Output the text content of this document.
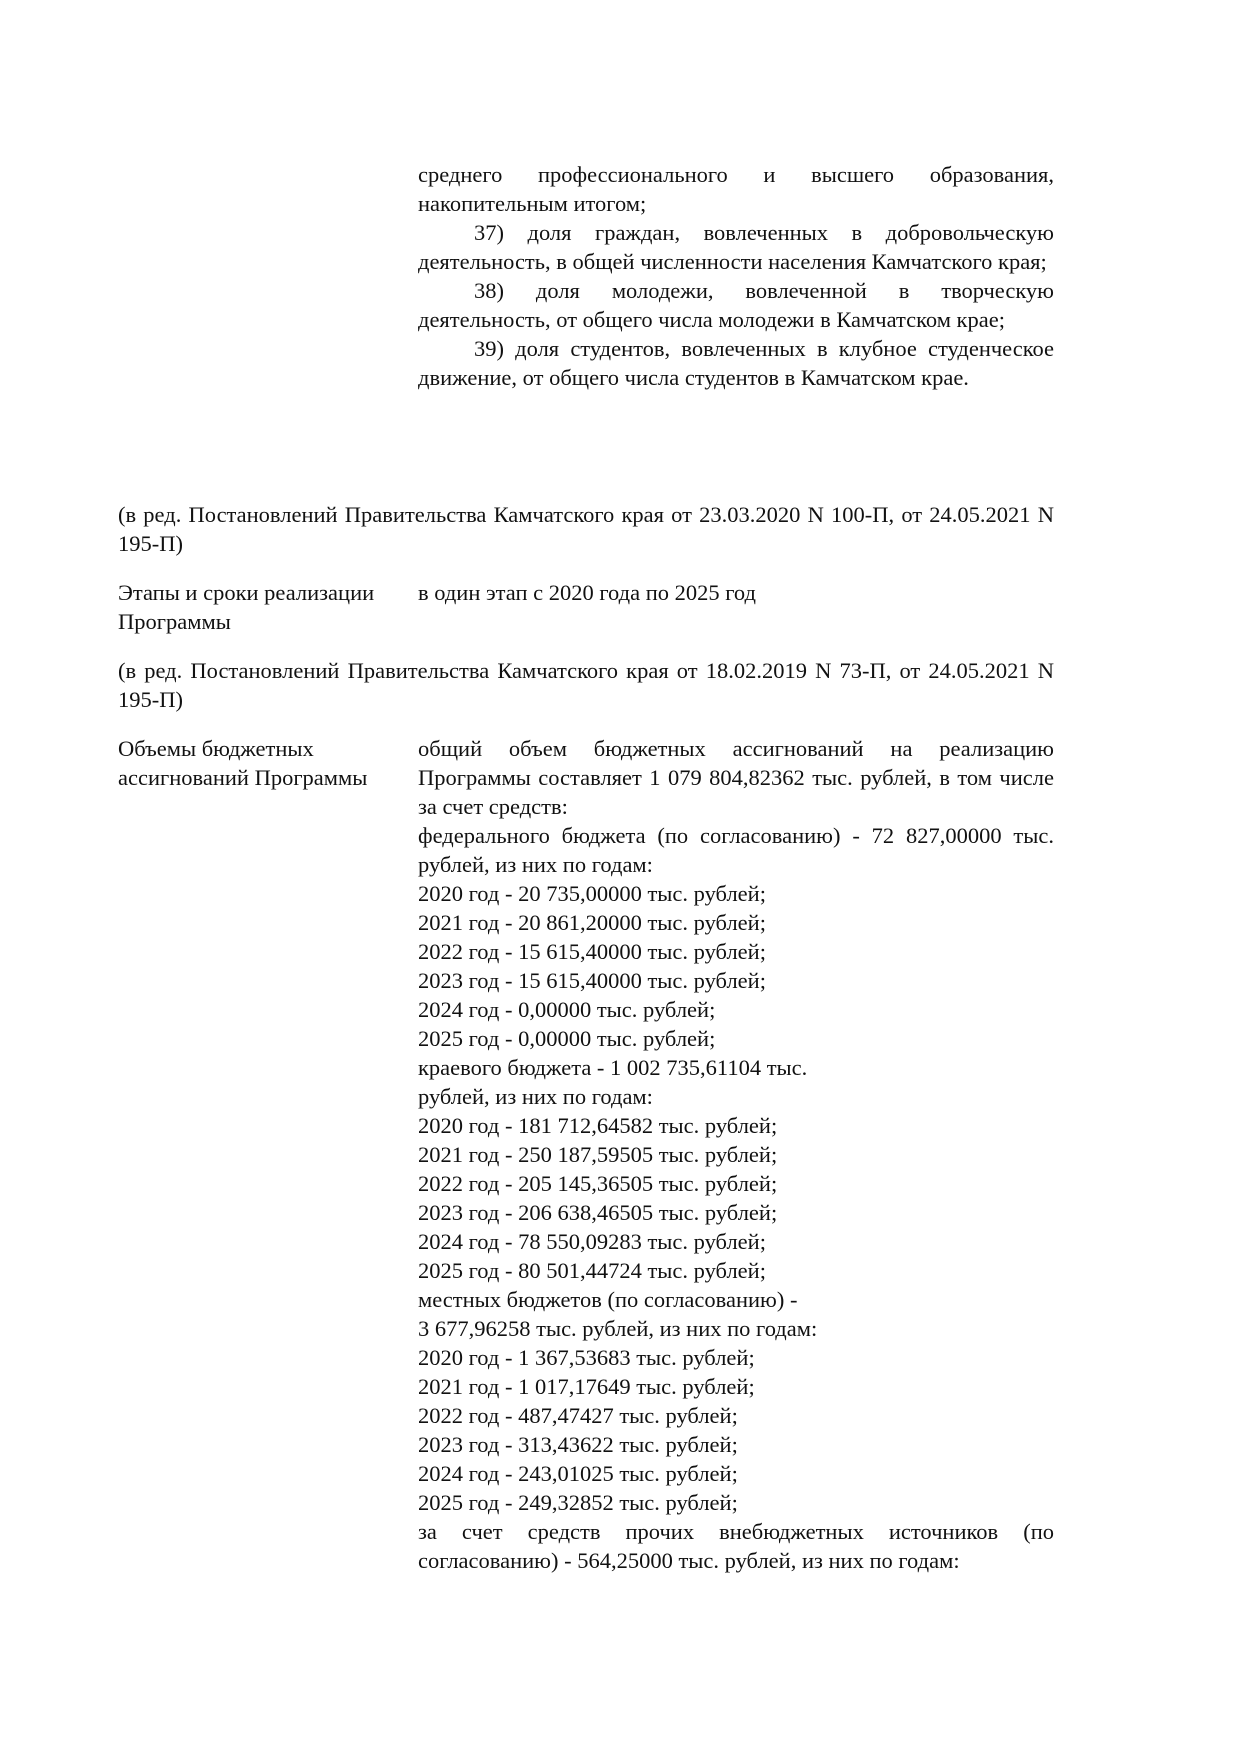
среднего профессионального и высшего образования, накопительным итогом;

37) доля граждан, вовлеченных в добровольческую деятельность, в общей численности населения Камчатского края;

38) доля молодежи, вовлеченной в творческую деятельность, от общего числа молодежи в Камчатском крае;

39) доля студентов, вовлеченных в клубное студенческое движение, от общего числа студентов в Камчатском крае.

(в ред. Постановлений Правительства Камчатского края от 23.03.2020 N 100-П, от 24.05.2021 N 195-П)
Этапы и сроки реализации Программы
в один этап с 2020 года по 2025 год
(в ред. Постановлений Правительства Камчатского края от 18.02.2019 N 73-П, от 24.05.2021 N 195-П)
Объемы бюджетных ассигнований Программы

общий объем бюджетных ассигнований на реализацию Программы составляет 1 079 804,82362 тыс. рублей, в том числе за счет средств:

федерального бюджета (по согласованию) - 72 827,00000 тыс. рублей, из них по годам:

2020 год - 20 735,00000 тыс. рублей;
2021 год - 20 861,20000 тыс. рублей;
2022 год - 15 615,40000 тыс. рублей;
2023 год - 15 615,40000 тыс. рублей;
2024 год - 0,00000 тыс. рублей;
2025 год - 0,00000 тыс. рублей;
краевого бюджета - 1 002 735,61104 тыс.
рублей, из них по годам:
2020 год - 181 712,64582 тыс. рублей;
2021 год - 250 187,59505 тыс. рублей;
2022 год - 205 145,36505 тыс. рублей;
2023 год - 206 638,46505 тыс. рублей;
2024 год - 78 550,09283 тыс. рублей;
2025 год - 80 501,44724 тыс. рублей;
местных бюджетов (по согласованию) -
3 677,96258 тыс. рублей, из них по годам:
2020 год - 1 367,53683 тыс. рублей;
2021 год - 1 017,17649 тыс. рублей;
2022 год - 487,47427 тыс. рублей;
2023 год - 313,43622 тыс. рублей;
2024 год - 243,01025 тыс. рублей;
2025 год - 249,32852 тыс. рублей;

за счет средств прочих внебюджетных источников (по согласованию) - 564,25000 тыс. рублей, из них по годам:
